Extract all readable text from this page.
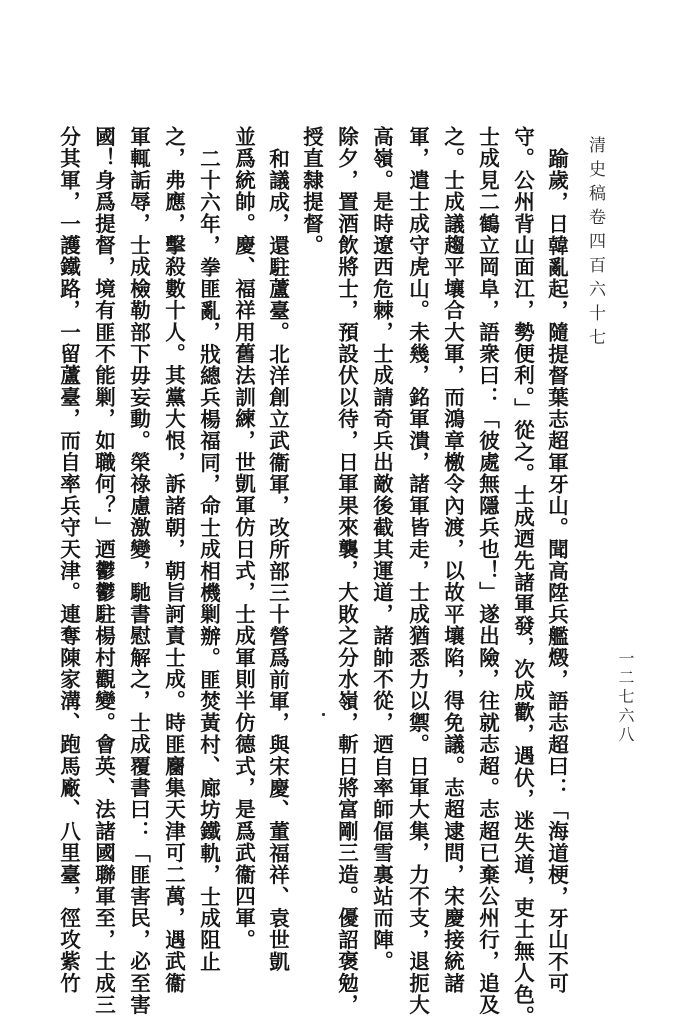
清史稿卷四百六十七
一二七六八
踰歲，日韓亂起，隨提督葉志超軍牙山。聞高陞兵艦燬，語志超曰：「海道梗，牙山不可
守。公州背山面江，勢便利。」從之。士成迺先諸軍發，次成歡，遇伏，迷失道，吏士無人色。
士成見二鶴立岡阜，語衆曰：「彼處無隱兵也！」遂出險，往就志超。志超已棄公州行，追及
之。士成議趨平壤合大軍，而鴻章檄令內渡，以故平壤陷，得免議。志超逮問，宋慶接統諸
軍，遣士成守虎山。未幾，銘軍潰，諸軍皆走，士成猶悉力以禦。日軍大集，力不支，退扼大
高嶺。是時遼西危棘，士成請奇兵出敵後截其運道，諸帥不從，迺自率師偪雪裏站而陣。
除夕，置酒飲將士，預設伏以待，日軍果來襲，大敗之分水嶺，斬日將富剛三造。優詔褒勉，
授直隸提督。
和議成，還駐蘆臺。北洋創立武衞軍，改所部三十營爲前軍，與宋慶、董福祥、袁世凱
並爲統帥。慶、福祥用舊法訓練，世凱軍仿日式，士成軍則半仿德式，是爲武衞四軍。
二十六年，拳匪亂，戕總兵楊福同，命士成相機剿辦。匪焚黃村、廊坊鐵軌，士成阻止
之，弗應，擊殺數十人。其黨大恨，訴諸朝，朝旨訶責士成。時匪麕集天津可二萬，遇武衞
軍輒詬辱，士成檢勒部下毋妄動。榮祿慮激變，馳書慰解之，士成覆書曰：「匪害民，必至害
國！身爲提督，境有匪不能剿，如職何？」迺鬱鬱駐楊村觀變。會英、法諸國聯軍至，士成三
分其軍，一護鐵路，一留蘆臺，而自率兵守天津。連奪陳家溝、跑馬廠、八里臺，徑攻紫竹
